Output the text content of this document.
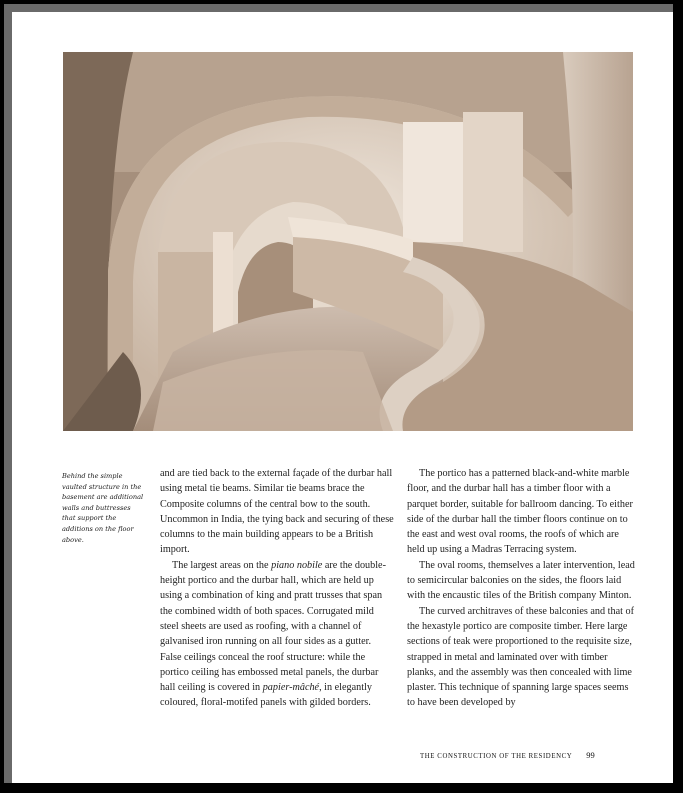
Behind the simple vaulted structure in the basement are additional walls and buttresses that support the additions on the floor above.

and are tied back to the external façade of the durbar hall using metal tie beams. Similar tie beams brace the Composite columns of the central bow to the south. Uncommon in India, the tying back and securing of these columns to the main building appears to be a British import.

The largest areas on the piano nobile are the double-height portico and the durbar hall, which are held up using a combination of king and pratt trusses that span the combined width of both spaces. Corrugated mild steel sheets are used as roofing, with a channel of galvanised iron running on all four sides as a gutter. False ceilings conceal the roof structure: while the portico ceiling has embossed metal panels, the durbar hall ceiling is covered in papier-mâché, in elegantly coloured, floral-motifed panels with gilded borders.

The portico has a patterned black-and-white marble floor, and the durbar hall has a timber floor with a parquet border, suitable for ballroom dancing. To either side of the durbar hall the timber floors continue on to the east and west oval rooms, the roofs of which are held up using a Madras Terracing system.

The oval rooms, themselves a later intervention, lead to semicircular balconies on the sides, the floors laid with the encaustic tiles of the British company Minton.

The curved architraves of these balconies and that of the hexastyle portico are composite timber. Here large sections of teak were proportioned to the requisite size, strapped in metal and laminated over with timber planks, and the assembly was then concealed with lime plaster. This technique of spanning large spaces seems to have been developed by

THE CONSTRUCTION OF THE RESIDENCY 99
